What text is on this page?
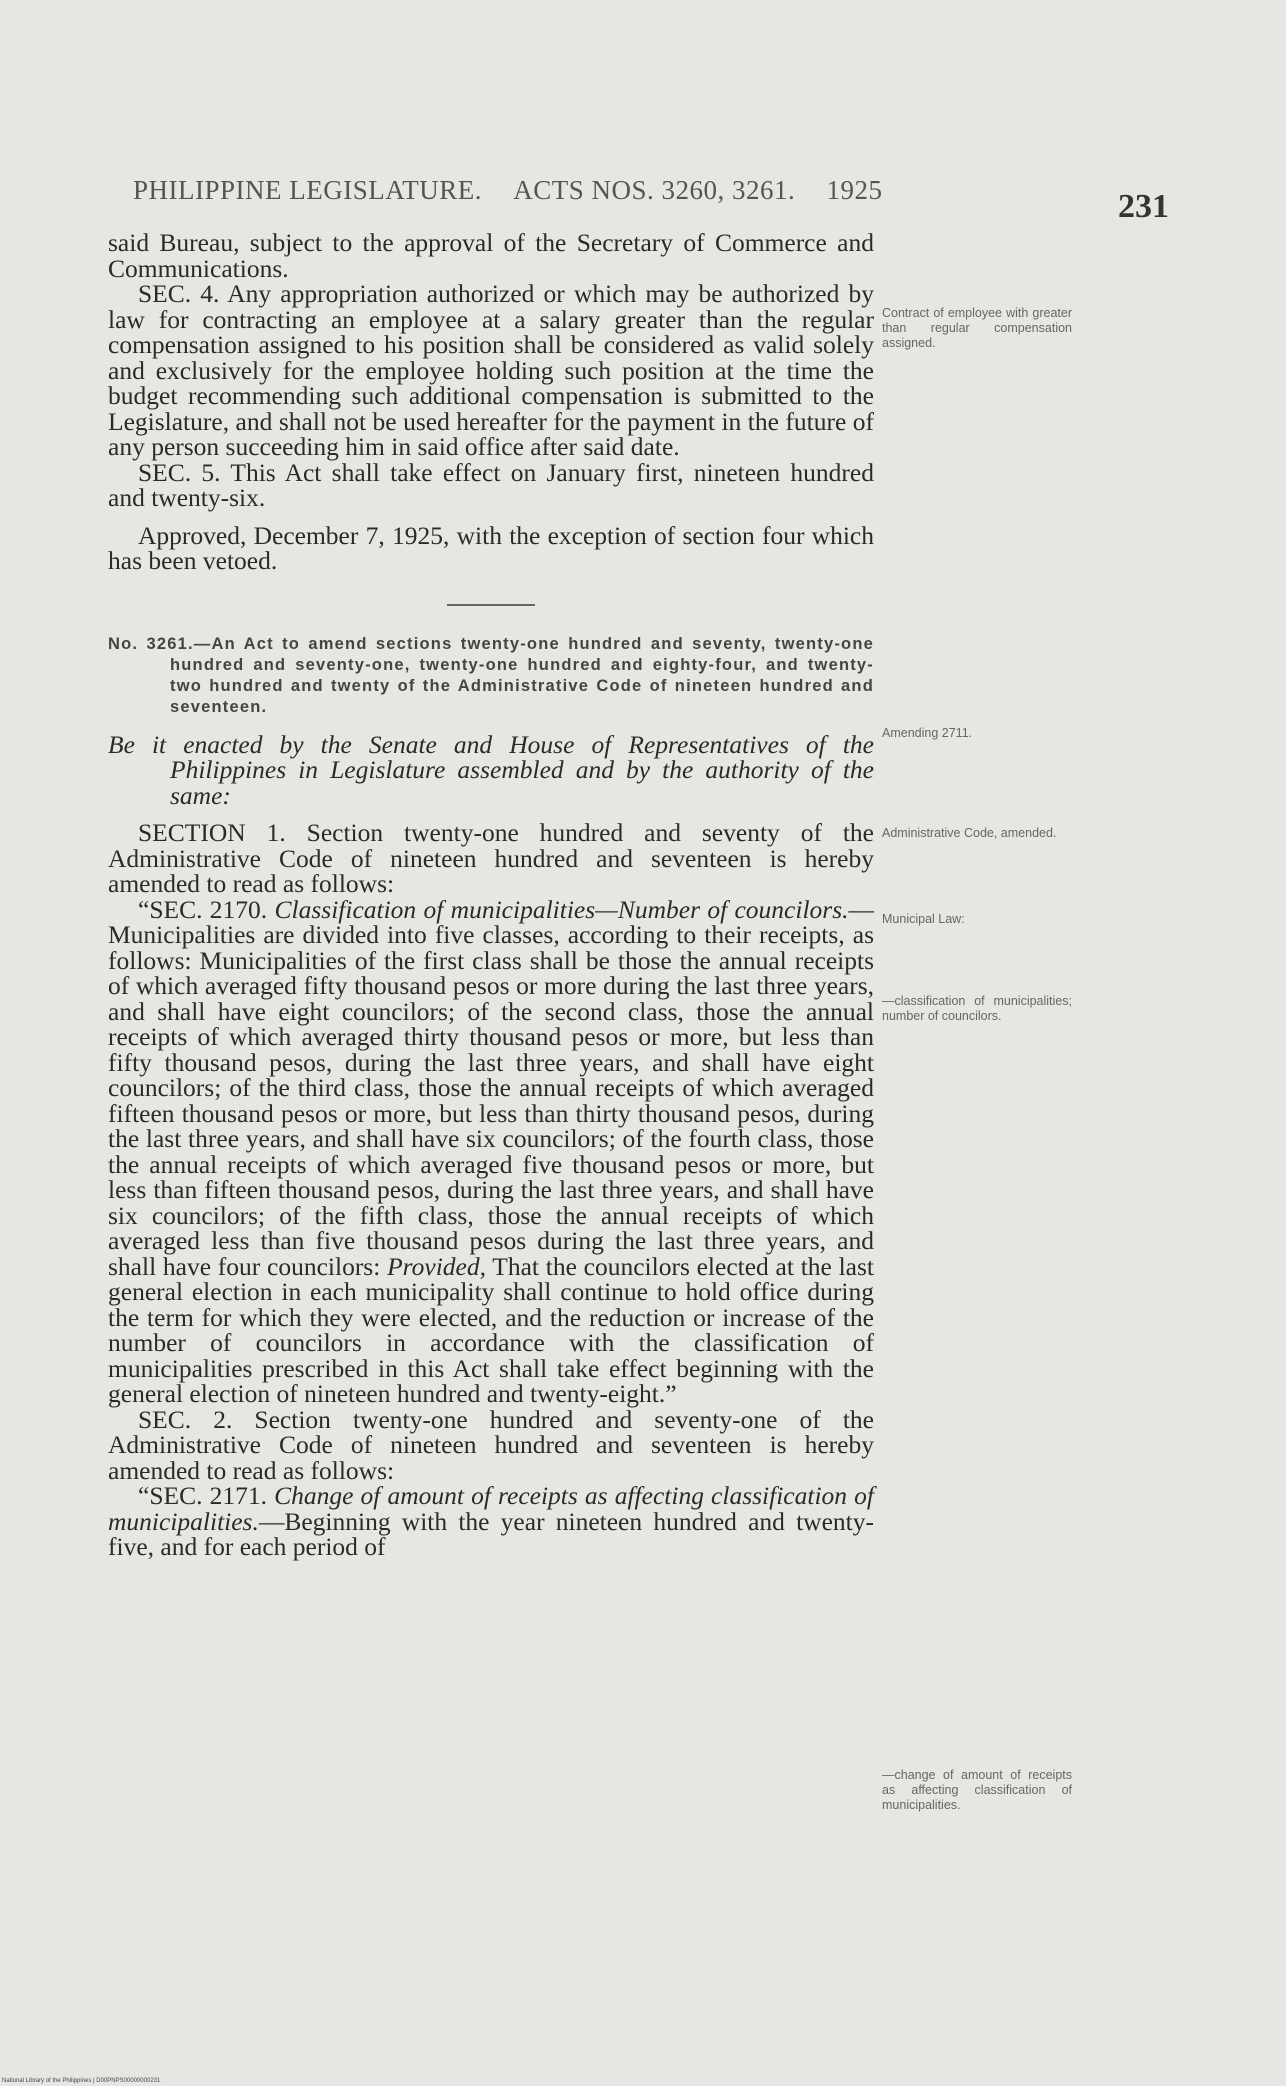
PHILIPPINE LEGISLATURE. ACTS NOS. 3260, 3261. 1925	231

said Bureau, subject to the approval of the Secretary of Commerce and Communications.

SEC. 4. Any appropriation authorized or which may be authorized by law for contracting an employee at a salary greater than the regular compensation assigned to his position shall be considered as valid solely and exclusively for the employee holding such position at the time the budget recommending such additional compensation is submitted to the Legislature, and shall not be used hereafter for the payment in the future of any person succeeding him in said office after said date.

SEC. 5. This Act shall take effect on January first, nineteen hundred and twenty-six.

Approved, December 7, 1925, with the exception of section four which has been vetoed.

No. 3261.—An Act to amend sections twenty-one hundred and seventy, twenty-one hundred and seventy-one, twenty-one hundred and eighty-four, and twenty-two hundred and twenty of the Administrative Code of nineteen hundred and seventeen.

Be it enacted by the Senate and House of Representatives of the Philippines in Legislature assembled and by the authority of the same:

SECTION 1. Section twenty-one hundred and seventy of the Administrative Code of nineteen hundred and seventeen is hereby amended to read as follows:

“SEC. 2170. Classification of municipalities—Number of councilors.—Municipalities are divided into five classes, according to their receipts, as follows: Municipalities of the first class shall be those the annual receipts of which averaged fifty thousand pesos or more during the last three years, and shall have eight councilors; of the second class, those the annual receipts of which averaged thirty thousand pesos or more, but less than fifty thousand pesos, during the last three years, and shall have eight councilors; of the third class, those the annual receipts of which averaged fifteen thousand pesos or more, but less than thirty thousand pesos, during the last three years, and shall have six councilors; of the fourth class, those the annual receipts of which averaged five thousand pesos or more, but less than fifteen thousand pesos, during the last three years, and shall have six councilors; of the fifth class, those the annual receipts of which averaged less than five thousand pesos during the last three years, and shall have four councilors: Provided, That the councilors elected at the last general election in each municipality shall continue to hold office during the term for which they were elected, and the reduction or increase of the number of councilors in accordance with the classification of municipalities prescribed in this Act shall take effect beginning with the general election of nineteen hundred and twenty-eight.”

SEC. 2. Section twenty-one hundred and seventy-one of the Administrative Code of nineteen hundred and seventeen is hereby amended to read as follows:

“SEC. 2171. Change of amount of receipts as affecting classification of municipalities.—Beginning with the year nineteen hundred and twenty-five, and for each period of

Contract of employee with greater than regular compensation assigned.
Amending 2711.
Administrative Code, amended.
Municipal Law:
—classification of municipalities; number of councilors.
—change of amount of receipts as affecting classification of municipalities.
National Library of the Philippines | D00PNPS00000000231
